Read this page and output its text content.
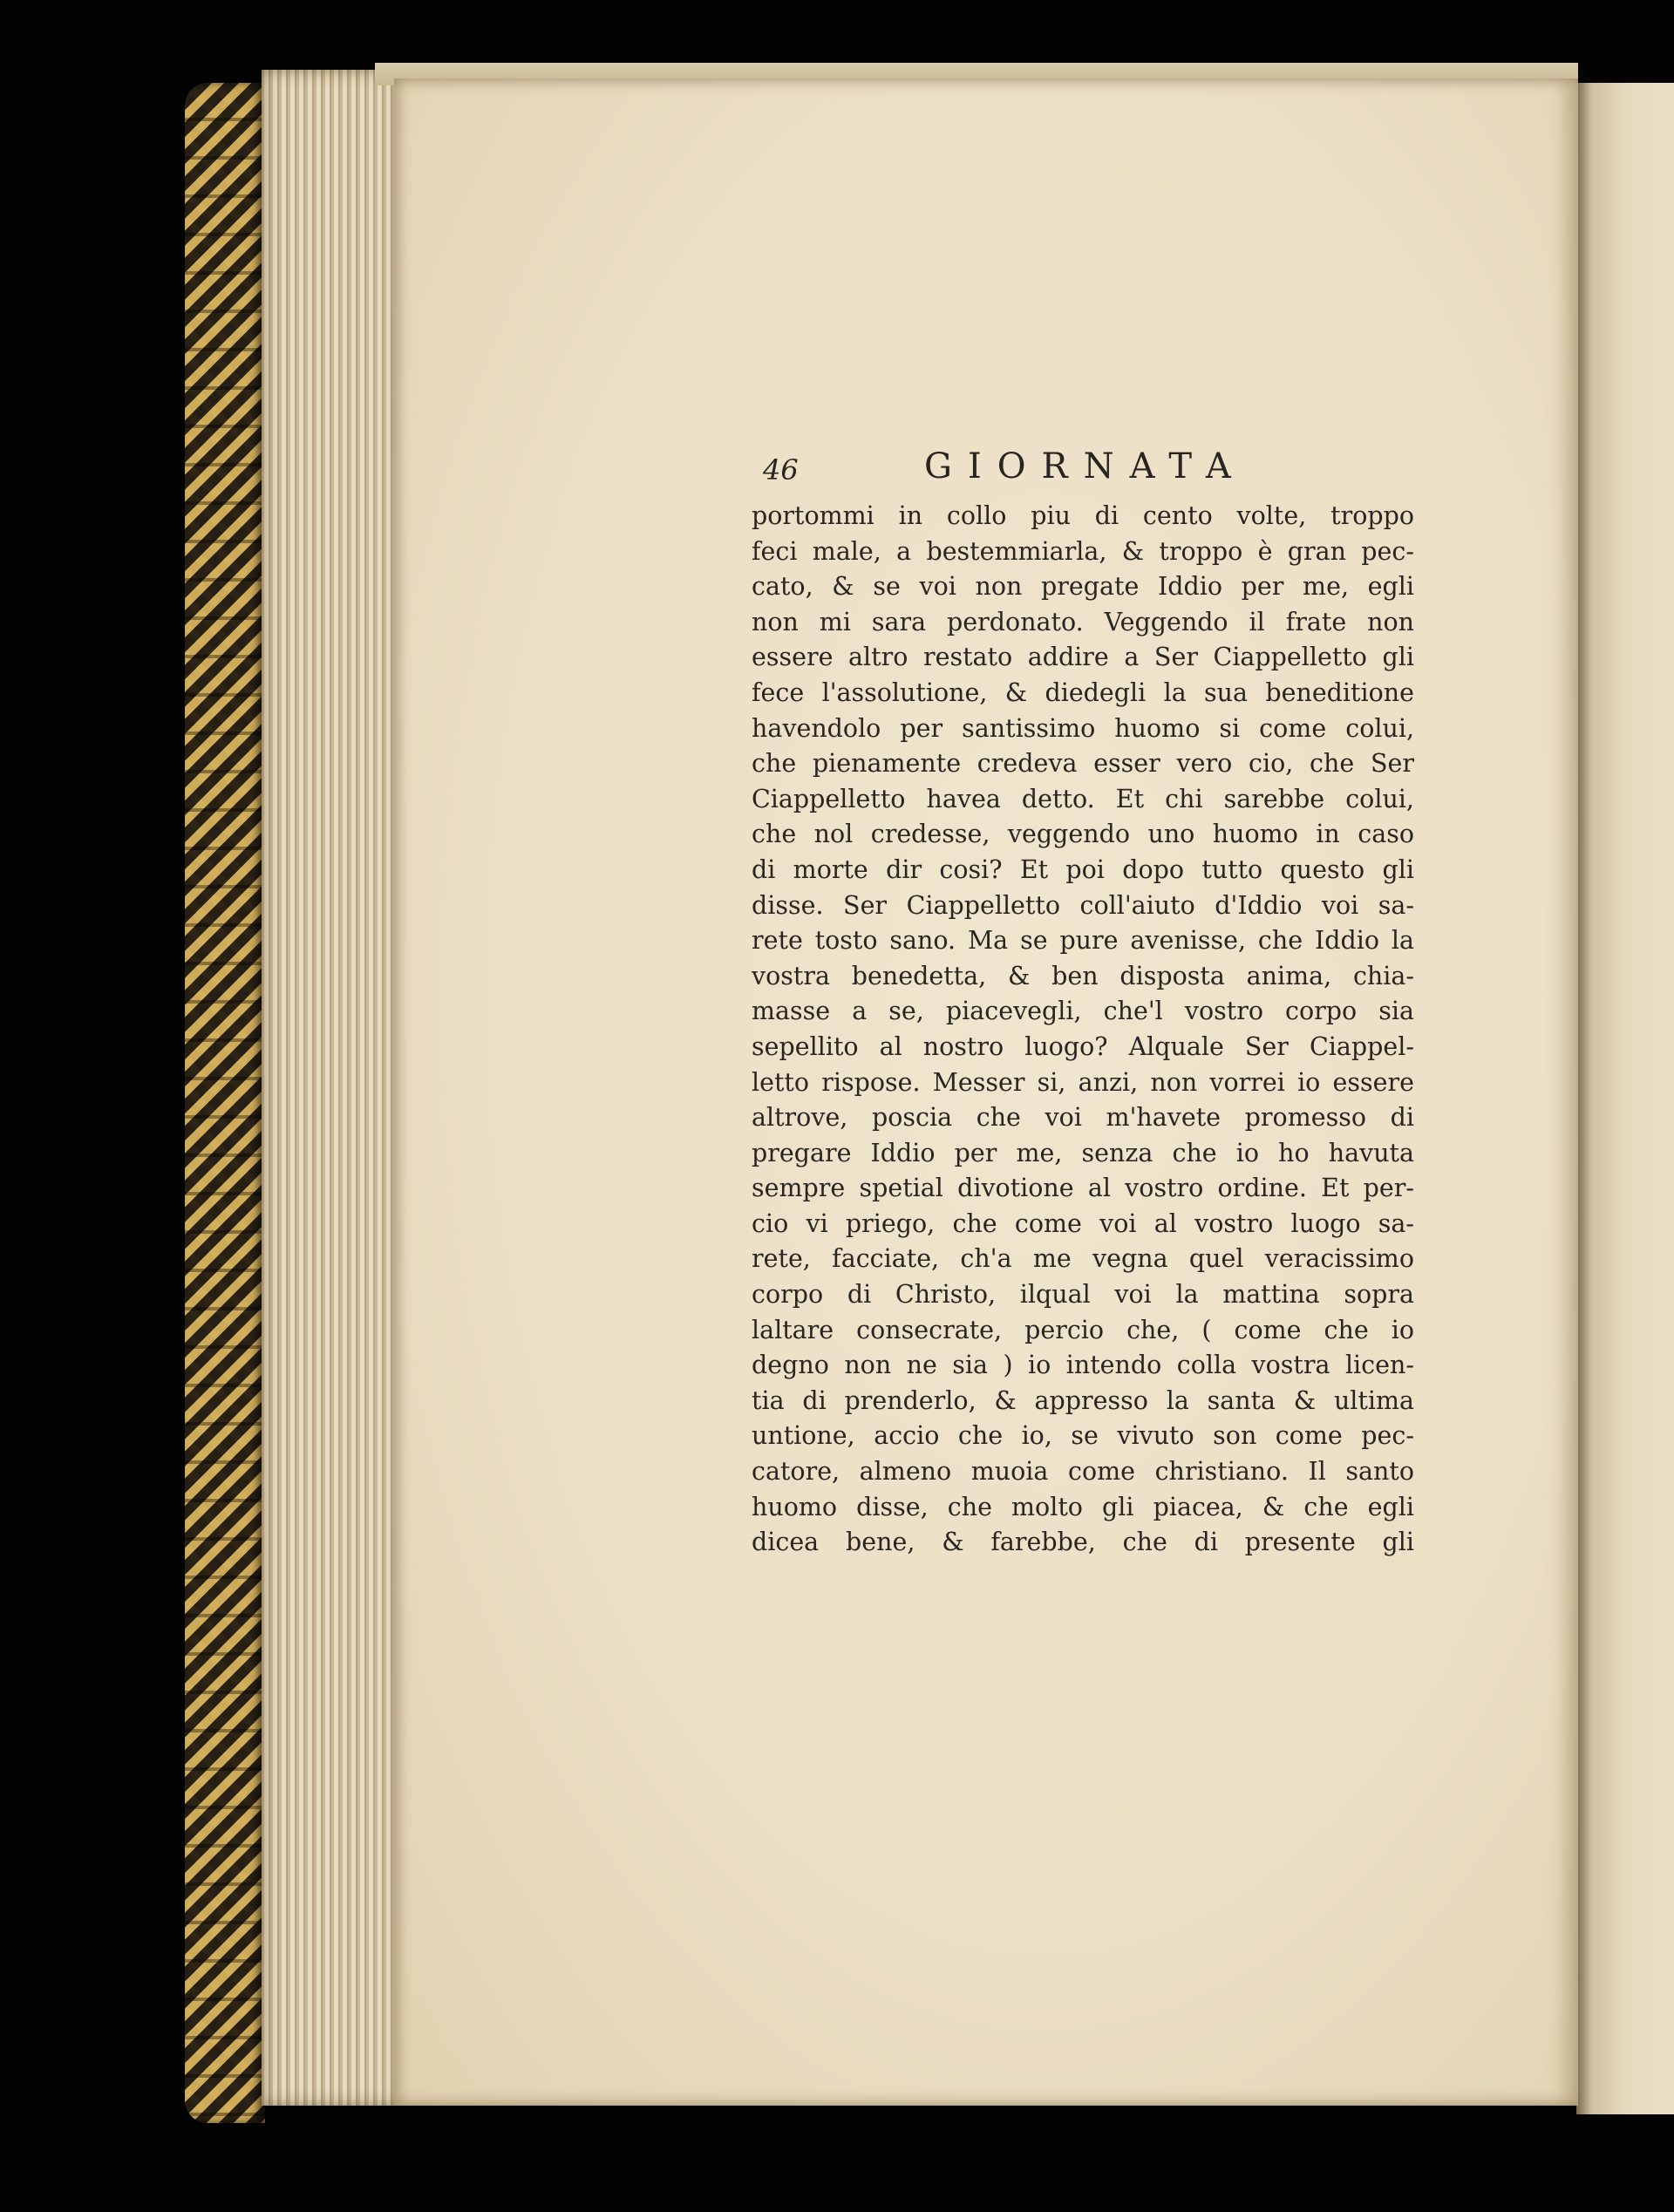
46	GIORNATA
portommi in collo piu di cento volte, troppo
feci male, a bestemmiarla, & troppo è gran pec-
cato, & se voi non pregate Iddio per me, egli
non mi sara perdonato. Veggendo il frate non
essere altro restato addire a Ser Ciappelletto gli
fece l'assolutione, & diedegli la sua beneditione
havendolo per santissimo huomo si come colui,
che pienamente credeva esser vero cio, che Ser
Ciappelletto havea detto. Et chi sarebbe colui,
che nol credesse, veggendo uno huomo in caso
di morte dir cosi? Et poi dopo tutto questo gli
disse. Ser Ciappelletto coll'aiuto d'Iddio voi sa-
rete tosto sano. Ma se pure avenisse, che Iddio la
vostra benedetta, & ben disposta anima, chia-
masse a se, piacevegli, che'l vostro corpo sia
sepellito al nostro luogo? Alquale Ser Ciappel-
letto rispose. Messer si, anzi, non vorrei io essere
altrove, poscia che voi m'havete promesso di
pregare Iddio per me, senza che io ho havuta
sempre spetial divotione al vostro ordine. Et per-
cio vi priego, che come voi al vostro luogo sa-
rete, facciate, ch'a me vegna quel veracissimo
corpo di Christo, ilqual voi la mattina sopra
laltare consecrate, percio che, ( come che io
degno non ne sia ) io intendo colla vostra licen-
tia di prenderlo, & appresso la santa & ultima
untione, accio che io, se vivuto son come pec-
catore, almeno muoia come christiano. Il santo
huomo disse, che molto gli piacea, & che egli
dicea bene, & farebbe, che di presente gli
